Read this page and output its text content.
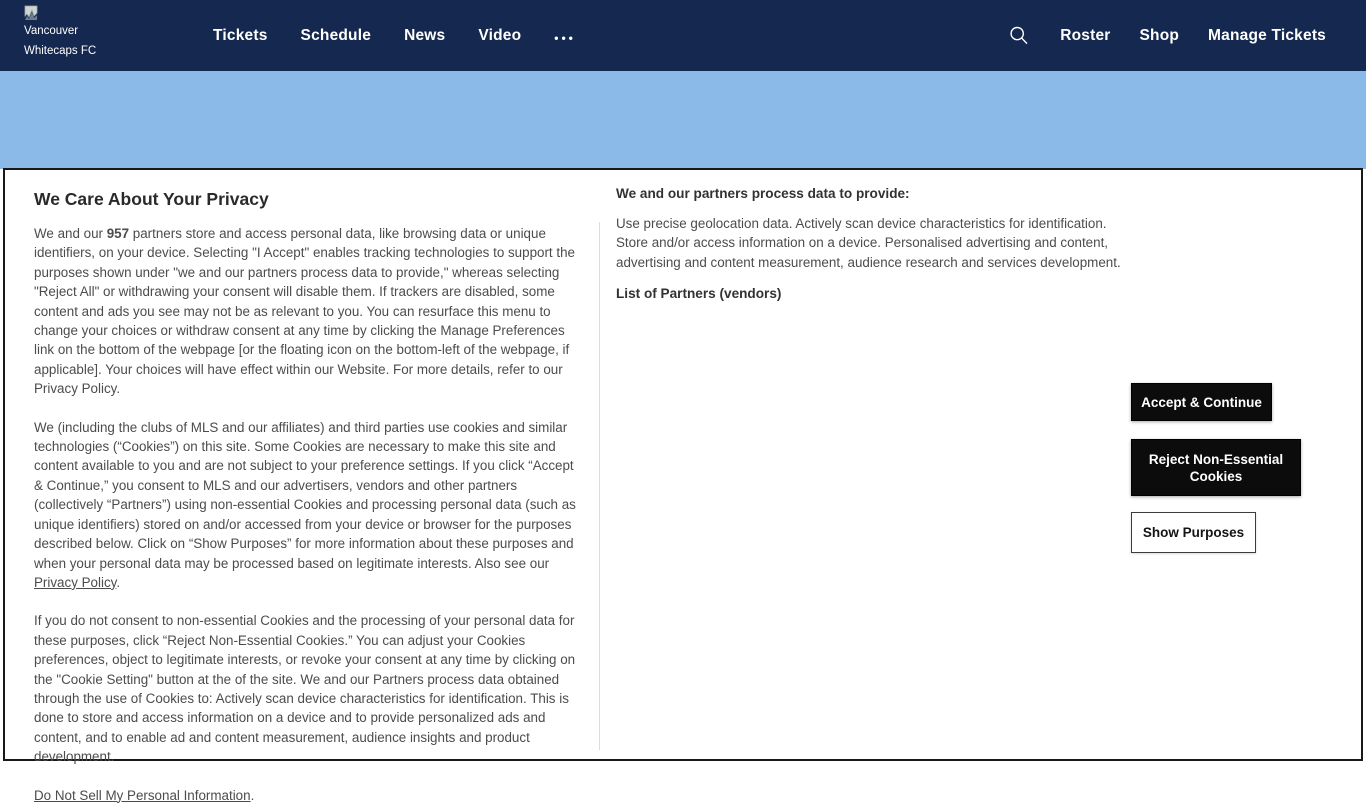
Vancouver Whitecaps FC
Tickets Schedule News Video	•••	Roster Shop Manage Tickets
We Care About Your Privacy

We and our 957 partners store and access personal data, like browsing data or unique identifiers, on your device. Selecting "I Accept" enables tracking technologies to support the purposes shown under "we and our partners process data to provide," whereas selecting "Reject All" or withdrawing your consent will disable them. If trackers are disabled, some content and ads you see may not be as relevant to you. You can resurface this menu to change your choices or withdraw consent at any time by clicking the Manage Preferences link on the bottom of the webpage [or the floating icon on the bottom-left of the webpage, if applicable]. Your choices will have effect within our Website. For more details, refer to our Privacy Policy.

We (including the clubs of MLS and our affiliates) and third parties use cookies and similar technologies (“Cookies”) on this site. Some Cookies are necessary to make this site and content available to you and are not subject to your preference settings. If you click “Accept & Continue,” you consent to MLS and our advertisers, vendors and other partners (collectively “Partners”) using non-essential Cookies and processing personal data (such as unique identifiers) stored on and/or accessed from your device or browser for the purposes described below. Click on “Show Purposes” for more information about these purposes and when your personal data may be processed based on legitimate interests. Also see our Privacy Policy.

If you do not consent to non-essential Cookies and the processing of your personal data for these purposes, click “Reject Non-Essential Cookies.” You can adjust your Cookies preferences, object to legitimate interests, or revoke your consent at any time by clicking on the "Cookie Setting" button at the of the site. We and our Partners process data obtained through the use of Cookies to: Actively scan device characteristics for identification. This is done to store and access information on a device and to provide personalized ads and content, and to enable ad and content measurement, audience insights and product development.

Do Not Sell My Personal Information.
We and our partners process data to provide:

Use precise geolocation data. Actively scan device characteristics for identification. Store and/or access information on a device. Personalised advertising and content, advertising and content measurement, audience research and services development.

List of Partners (vendors)
Accept & Continue
Reject Non-Essential Cookies
Show Purposes
